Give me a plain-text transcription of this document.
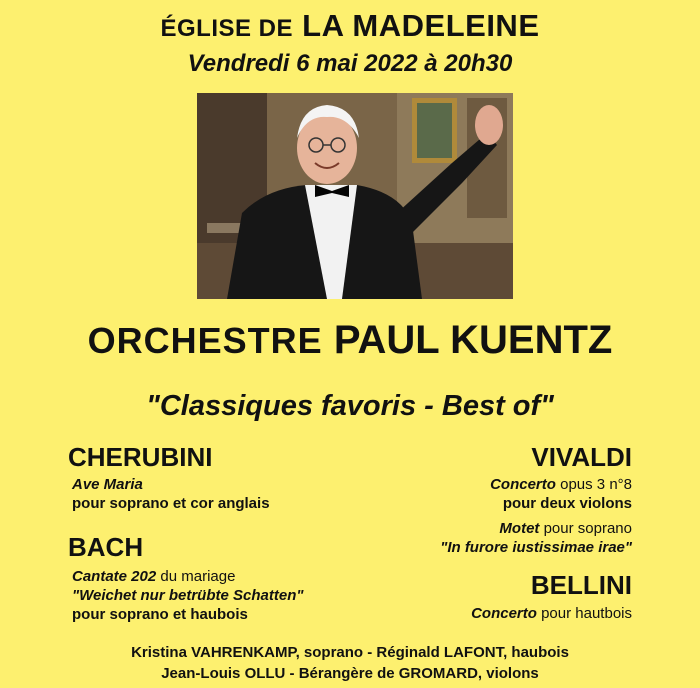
ÉGLISE DE LA MADELEINE
Vendredi 6 mai 2022 à 20h30
ORCHESTRE PAUL KUENTZ
"Classiques favoris - Best of"
CHERUBINI
Ave Maria
pour soprano et cor anglais
BACH
Cantate 202 du mariage
"Weichet nur betrübte Schatten"
pour soprano et haubois
VIVALDI
Concerto opus 3 n°8
pour deux violons
Motet pour soprano
"In furore iustissimae irae"
BELLINI
Concerto pour hautbois
Kristina VAHRENKAMP, soprano - Réginald LAFONT, haubois
Jean-Louis OLLU - Bérangère de GROMARD, violons
